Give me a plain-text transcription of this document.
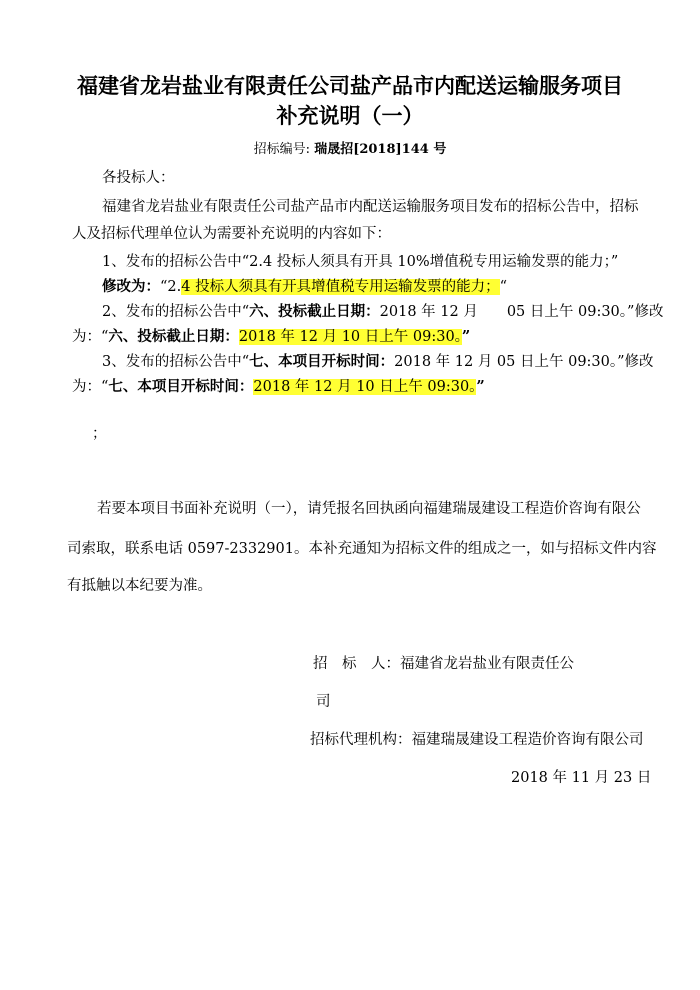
福建省龙岩盐业有限责任公司盐产品市内配送运输服务项目
补充说明（一）
招标编号: 瑞晟招[2018]144 号
各投标人：
福建省龙岩盐业有限责任公司盐产品市内配送运输服务项目发布的招标公告中，招标
人及招标代理单位认为需要补充说明的内容如下：
1、发布的招标公告中“2.4 投标人须具有开具 10%增值税专用运输发票的能力；”
修改为：“2.4 投标人须具有开具增值税专用运输发票的能力；“
2、发布的招标公告中“六、投标截止日期：2018 年 12 月　　05 日上午 09:30。”修改
为：“六、投标截止日期：2018 年 12 月 10 日上午 09:30。”
3、发布的招标公告中“七、本项目开标时间：2018 年 12 月 05 日上午 09:30。”修改
为：“七、本项目开标时间：2018 年 12 月 10 日上午 09:30。”
；
若要本项目书面补充说明（一），请凭报名回执函向福建瑞晟建设工程造价咨询有限公
司索取，联系电话 0597-2332901。本补充通知为招标文件的组成之一，如与招标文件内容
有抵触以本纪要为准。
招　标　人：福建省龙岩盐业有限责任公
司
招标代理机构：福建瑞晟建设工程造价咨询有限公司
2018 年 11 月 23 日
